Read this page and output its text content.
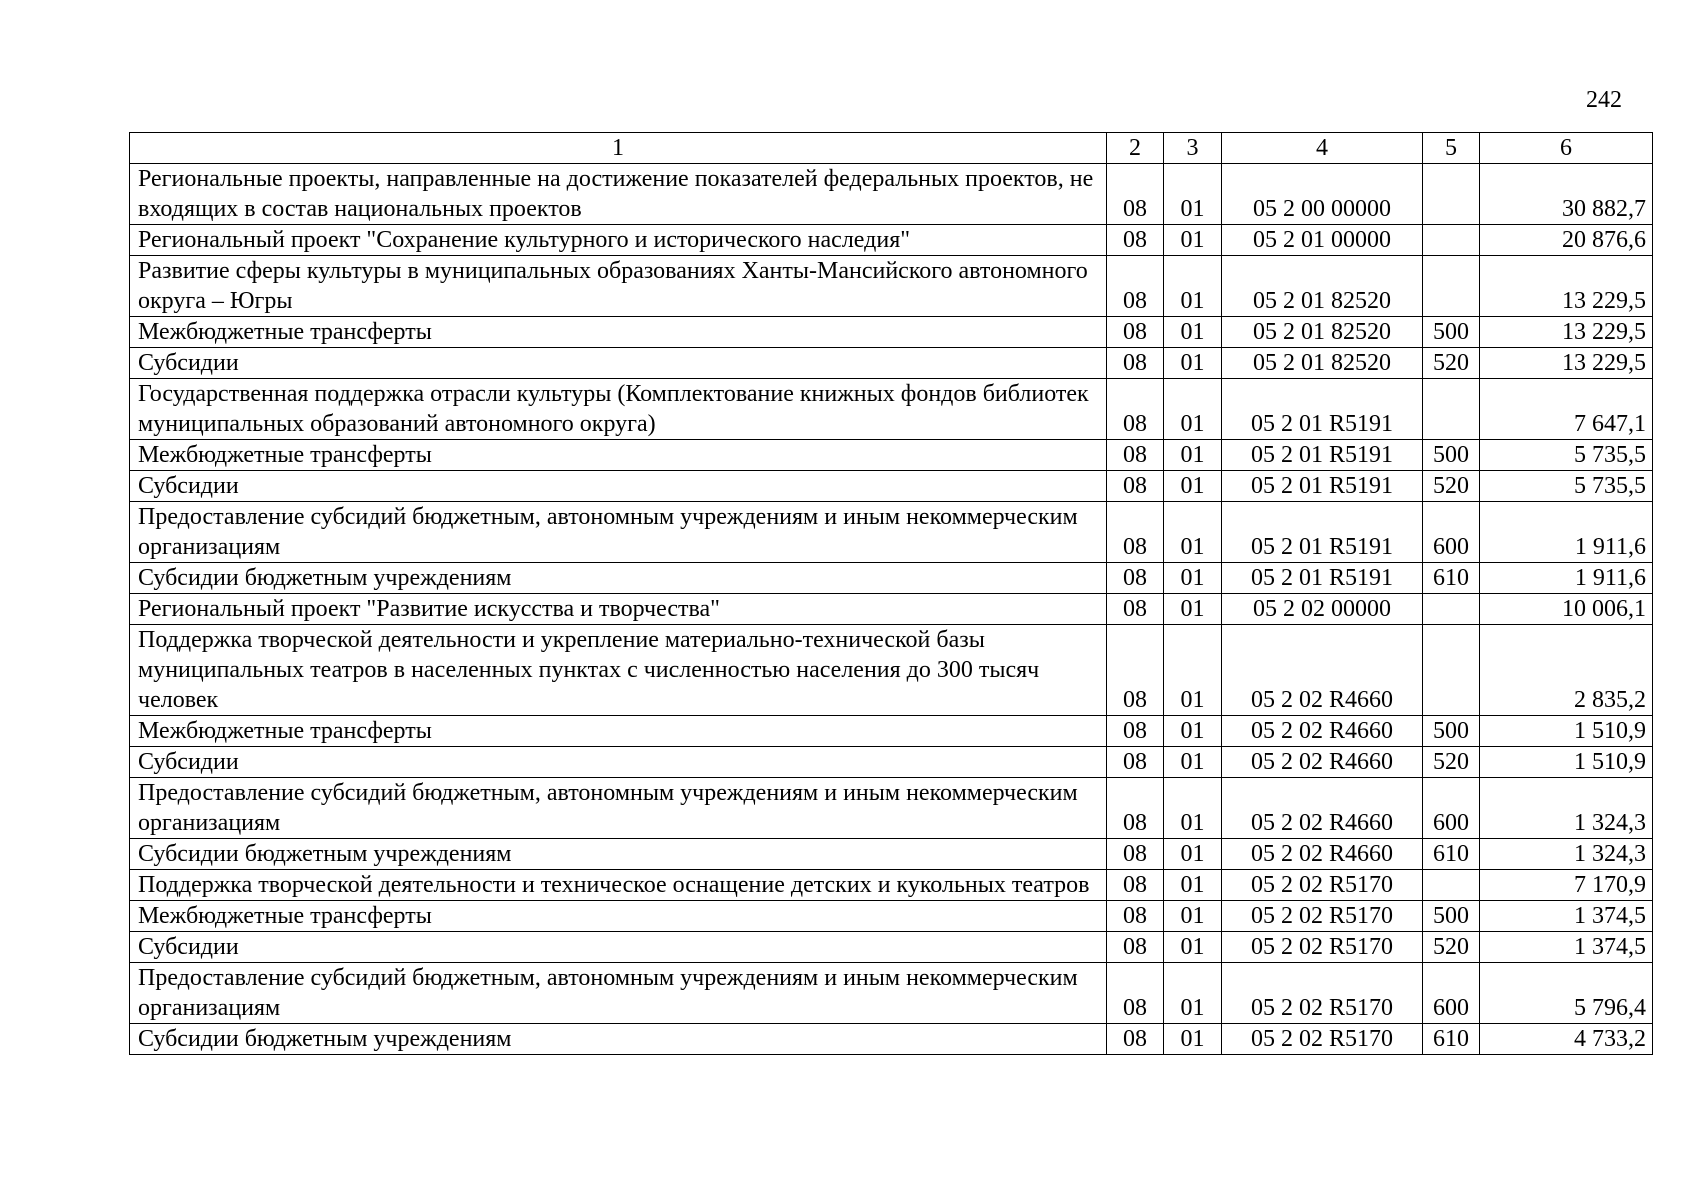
242
1	2	3	4	5	6
Региональные проекты, направленные на достижение показателей федеральных проектов, не входящих в состав национальных проектов	08	01	05 2 00 00000		30 882,7
Региональный проект "Сохранение культурного и исторического наследия"	08	01	05 2 01 00000		20 876,6
Развитие сферы культуры в муниципальных образованиях Ханты-Мансийского автономного округа – Югры	08	01	05 2 01 82520		13 229,5
Межбюджетные трансферты	08	01	05 2 01 82520	500	13 229,5
Субсидии	08	01	05 2 01 82520	520	13 229,5
Государственная поддержка отрасли культуры (Комплектование книжных фондов библиотек муниципальных образований автономного округа)	08	01	05 2 01 R5191		7 647,1
Межбюджетные трансферты	08	01	05 2 01 R5191	500	5 735,5
Субсидии	08	01	05 2 01 R5191	520	5 735,5
Предоставление субсидий бюджетным, автономным учреждениям и иным некоммерческим организациям	08	01	05 2 01 R5191	600	1 911,6
Субсидии бюджетным учреждениям	08	01	05 2 01 R5191	610	1 911,6
Региональный проект "Развитие искусства и творчества"	08	01	05 2 02 00000		10 006,1
Поддержка творческой деятельности и укрепление материально-технической базы муниципальных театров в населенных пунктах с численностью населения до 300 тысяч человек	08	01	05 2 02 R4660		2 835,2
Межбюджетные трансферты	08	01	05 2 02 R4660	500	1 510,9
Субсидии	08	01	05 2 02 R4660	520	1 510,9
Предоставление субсидий бюджетным, автономным учреждениям и иным некоммерческим организациям	08	01	05 2 02 R4660	600	1 324,3
Субсидии бюджетным учреждениям	08	01	05 2 02 R4660	610	1 324,3
Поддержка творческой деятельности и техническое оснащение детских и кукольных театров	08	01	05 2 02 R5170		7 170,9
Межбюджетные трансферты	08	01	05 2 02 R5170	500	1 374,5
Субсидии	08	01	05 2 02 R5170	520	1 374,5
Предоставление субсидий бюджетным, автономным учреждениям и иным некоммерческим организациям	08	01	05 2 02 R5170	600	5 796,4
Субсидии бюджетным учреждениям	08	01	05 2 02 R5170	610	4 733,2
